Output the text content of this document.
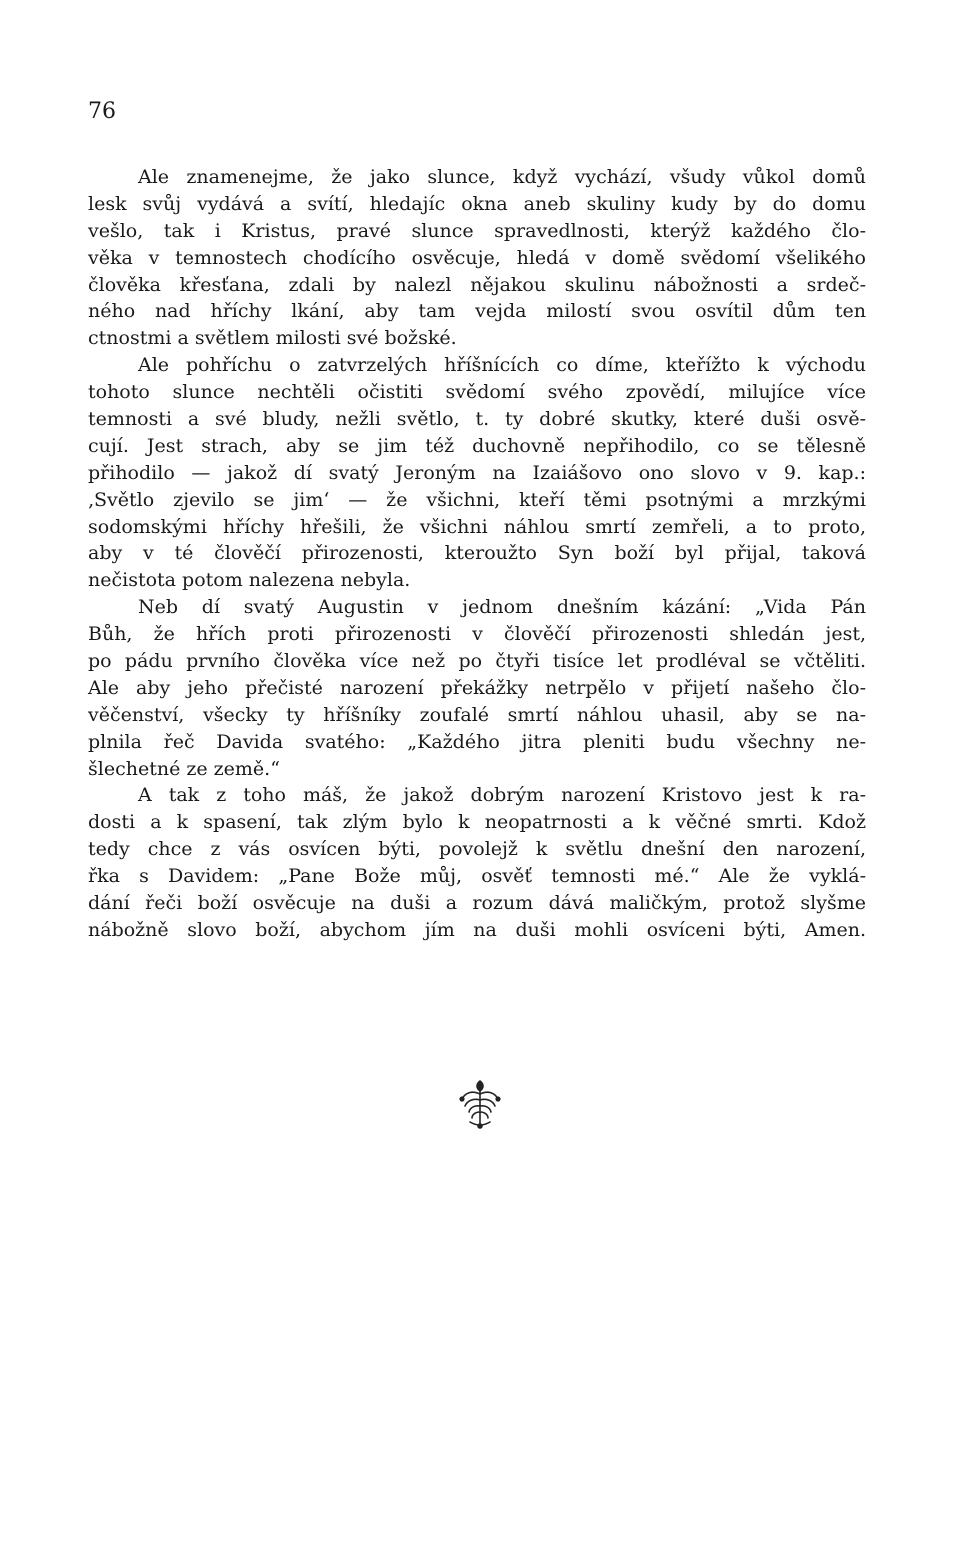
76
Ale znamenejme, že jako slunce, když vychází, všudy vůkol domů
lesk svůj vydává a svítí, hledajíc okna aneb skuliny kudy by do domu
vešlo, tak i Kristus, pravé slunce spravedlnosti, kterýž každého člo-
věka v temnostech chodícího osvěcuje, hledá v domě svědomí všelikého
člověka křesťana, zdali by nalezl nějakou skulinu nábožnosti a srdeč-
ného nad hříchy lkání, aby tam vejda milostí svou osvítil dům ten
ctnostmi a světlem milosti své božské.
Ale pohříchu o zatvrzelých hříšnících co díme, kteřížto k východu
tohoto slunce nechtěli očistiti svědomí svého zpovědí, milujíce více
temnosti a své bludy, nežli světlo, t. ty dobré skutky, které duši osvě-
cují. Jest strach, aby se jim též duchovně nepřihodilo, co se tělesně
přihodilo — jakož dí svatý Jeroným na Izaiášovo ono slovo v 9. kap.:
‚Světlo zjevilo se jim‘ — že všichni, kteří těmi psotnými a mrzkými
sodomskými hříchy hřešili, že všichni náhlou smrtí zemřeli, a to proto,
aby v té člověčí přirozenosti, kteroužto Syn boží byl přijal, taková
nečistota potom nalezena nebyla.
Neb dí svatý Augustin v jednom dnešním kázání: „Vida Pán
Bůh, že hřích proti přirozenosti v člověčí přirozenosti shledán jest,
po pádu prvního člověka více než po čtyři tisíce let prodléval se včtěliti.
Ale aby jeho přečisté narození překážky netrpělo v přijetí našeho člo-
věčenství, všecky ty hříšníky zoufalé smrtí náhlou uhasil, aby se na-
plnila řeč Davida svatého: „Každého jitra pleniti budu všechny ne-
šlechetné ze země.“
A tak z toho máš, že jakož dobrým narození Kristovo jest k ra-
dosti a k spasení, tak zlým bylo k neopatrnosti a k věčné smrti. Kdož
tedy chce z vás osvícen býti, povolejž k světlu dnešní den narození,
řka s Davidem: „Pane Bože můj, osvěť temnosti mé.“ Ale že vyklá-
dání řeči boží osvěcuje na duši a rozum dává maličkým, protož slyšme
nábožně slovo boží, abychom jím na duši mohli osvíceni býti, Amen.
